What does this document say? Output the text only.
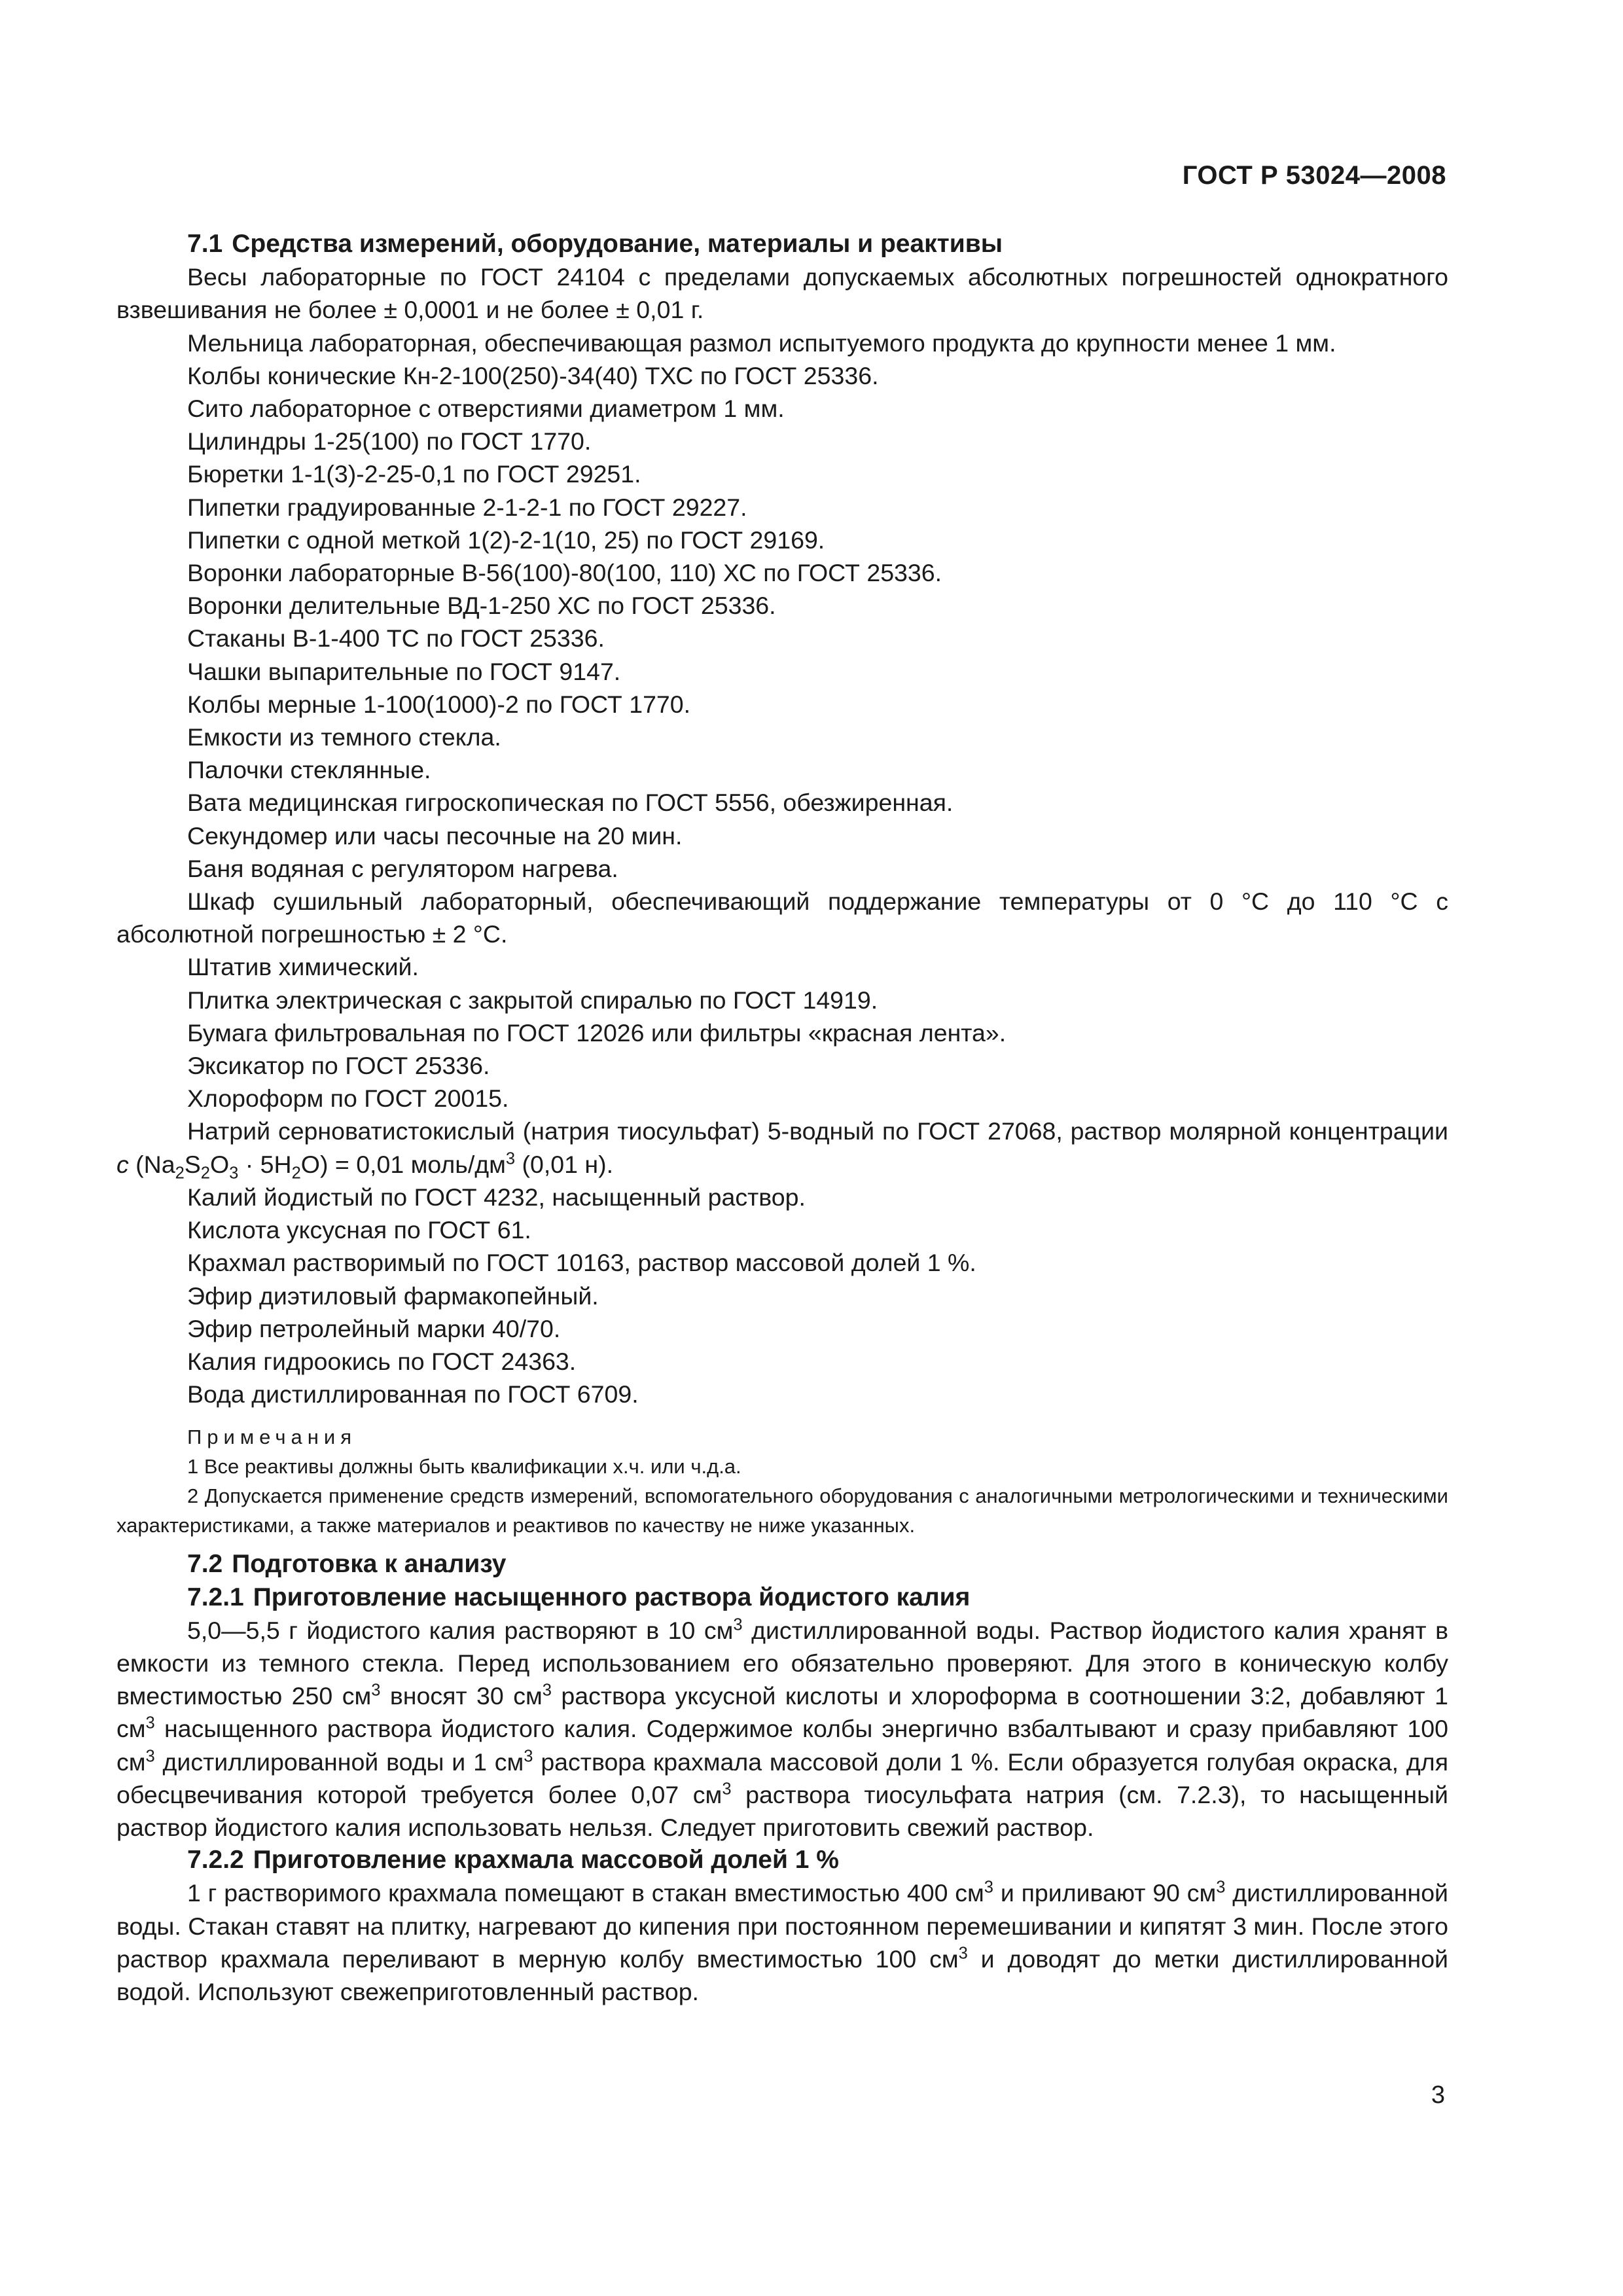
ГОСТ Р 53024—2008
7.1 Средства измерений, оборудование, материалы и реактивы

Весы лабораторные по ГОСТ 24104 с пределами допускаемых абсолютных погрешностей однократного взвешивания не более ± 0,0001 и не более ± 0,01 г.

Мельница лабораторная, обеспечивающая размол испытуемого продукта до крупности менее 1 мм.

Колбы конические Кн-2-100(250)-34(40) ТХС по ГОСТ 25336.

Сито лабораторное с отверстиями диаметром 1 мм.

Цилиндры 1-25(100) по ГОСТ 1770.

Бюретки 1-1(3)-2-25-0,1 по ГОСТ 29251.

Пипетки градуированные 2-1-2-1 по ГОСТ 29227.

Пипетки с одной меткой 1(2)-2-1(10, 25) по ГОСТ 29169.

Воронки лабораторные В-56(100)-80(100, 110) ХС по ГОСТ 25336.

Воронки делительные ВД-1-250 ХС по ГОСТ 25336.

Стаканы В-1-400 ТС по ГОСТ 25336.

Чашки выпарительные по ГОСТ 9147.

Колбы мерные 1-100(1000)-2 по ГОСТ 1770.

Емкости из темного стекла.

Палочки стеклянные.

Вата медицинская гигроскопическая по ГОСТ 5556, обезжиренная.

Секундомер или часы песочные на 20 мин.

Баня водяная с регулятором нагрева.

Шкаф сушильный лабораторный, обеспечивающий поддержание температуры от 0 °С до 110 °С с абсолютной погрешностью ± 2 °С.

Штатив химический.

Плитка электрическая с закрытой спиралью по ГОСТ 14919.

Бумага фильтровальная по ГОСТ 12026 или фильтры «красная лента».

Эксикатор по ГОСТ 25336.

Хлороформ по ГОСТ 20015.

Натрий серноватистокислый (натрия тиосульфат) 5-водный по ГОСТ 27068, раствор молярной концентрации c $(Na_2S_2O_3 \cdot 5H_2O) = 0,01$ моль/$дм^3$ (0,01 н).

Калий йодистый по ГОСТ 4232, насыщенный раствор.

Кислота уксусная по ГОСТ 61.

Крахмал растворимый по ГОСТ 10163, раствор массовой долей 1 %.

Эфир диэтиловый фармакопейный.

Эфир петролейный марки 40/70.

Калия гидроокись по ГОСТ 24363.

Вода дистиллированная по ГОСТ 6709.

Примечания

1 Все реактивы должны быть квалификации х.ч. или ч.д.а.

2 Допускается применение средств измерений, вспомогательного оборудования с аналогичными метрологическими и техническими характеристиками, а также материалов и реактивов по качеству не ниже указанных.

7.2 Подготовка к анализу
7.2.1 Приготовление насыщенного раствора йодистого калия

5,0—5,5 г йодистого калия растворяют в 10 $см^3$ дистиллированной воды. Раствор йодистого калия хранят в емкости из темного стекла. Перед использованием его обязательно проверяют. Для этого в коническую колбу вместимостью 250 $см^3$ вносят 30 $см^3$ раствора уксусной кислоты и хлороформа в соотношении 3:2, добавляют 1 $см^3$ насыщенного раствора йодистого калия. Содержимое колбы энергично взбалтывают и сразу прибавляют 100 $см^3$ дистиллированной воды и 1 $см^3$ раствора крахмала массовой доли 1 %. Если образуется голубая окраска, для обесцвечивания которой требуется более 0,07 $см^3$ раствора тиосульфата натрия (см. 7.2.3), то насыщенный раствор йодистого калия использовать нельзя. Следует приготовить свежий раствор.

7.2.2 Приготовление крахмала массовой долей 1 %

1 г растворимого крахмала помещают в стакан вместимостью 400 $см^3$ и приливают 90 $см^3$ дистиллированной воды. Стакан ставят на плитку, нагревают до кипения при постоянном перемешивании и кипятят 3 мин. После этого раствор крахмала переливают в мерную колбу вместимостью 100 $см^3$ и доводят до метки дистиллированной водой. Используют свежеприготовленный раствор.

3
